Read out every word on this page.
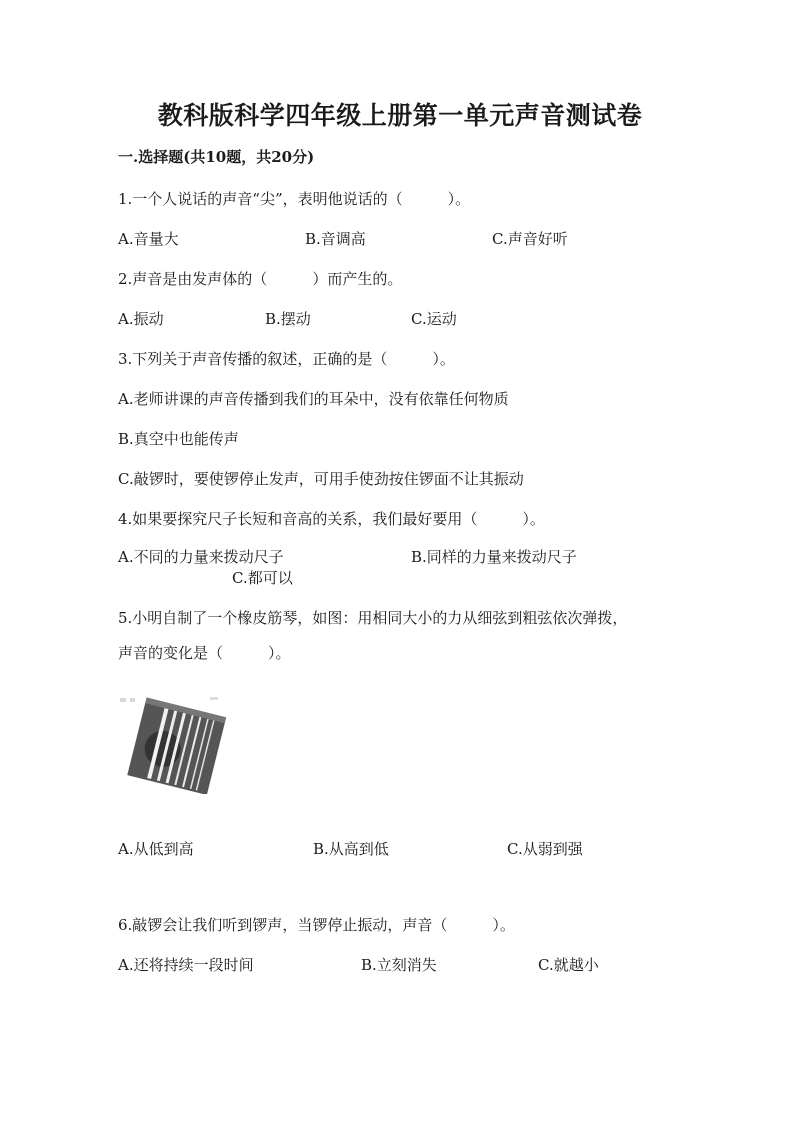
教科版科学四年级上册第一单元声音测试卷
一.选择题(共10题，共20分)
1.一个人说话的声音“尖”，表明他说话的（　　　）。
A.音量大	B.音调高	C.声音好听
2.声音是由发声体的（　　　）而产生的。
A.振动	B.摆动	C.运动
3.下列关于声音传播的叙述，正确的是（　　　）。
A.老师讲课的声音传播到我们的耳朵中，没有依靠任何物质
B.真空中也能传声
C.敲锣时，要使锣停止发声，可用手使劲按住锣面不让其振动
4.如果要探究尺子长短和音高的关系，我们最好要用（　　　）。
A.不同的力量来拨动尺子	B.同样的力量来拨动尺子
C.都可以
5.小明自制了一个橡皮筋琴，如图：用相同大小的力从细弦到粗弦依次弹拨，
声音的变化是（　　　）。
A.从低到高	B.从高到低	C.从弱到强
6.敲锣会让我们听到锣声，当锣停止振动，声音（　　　）。
A.还将持续一段时间	B.立刻消失	C.就越小
